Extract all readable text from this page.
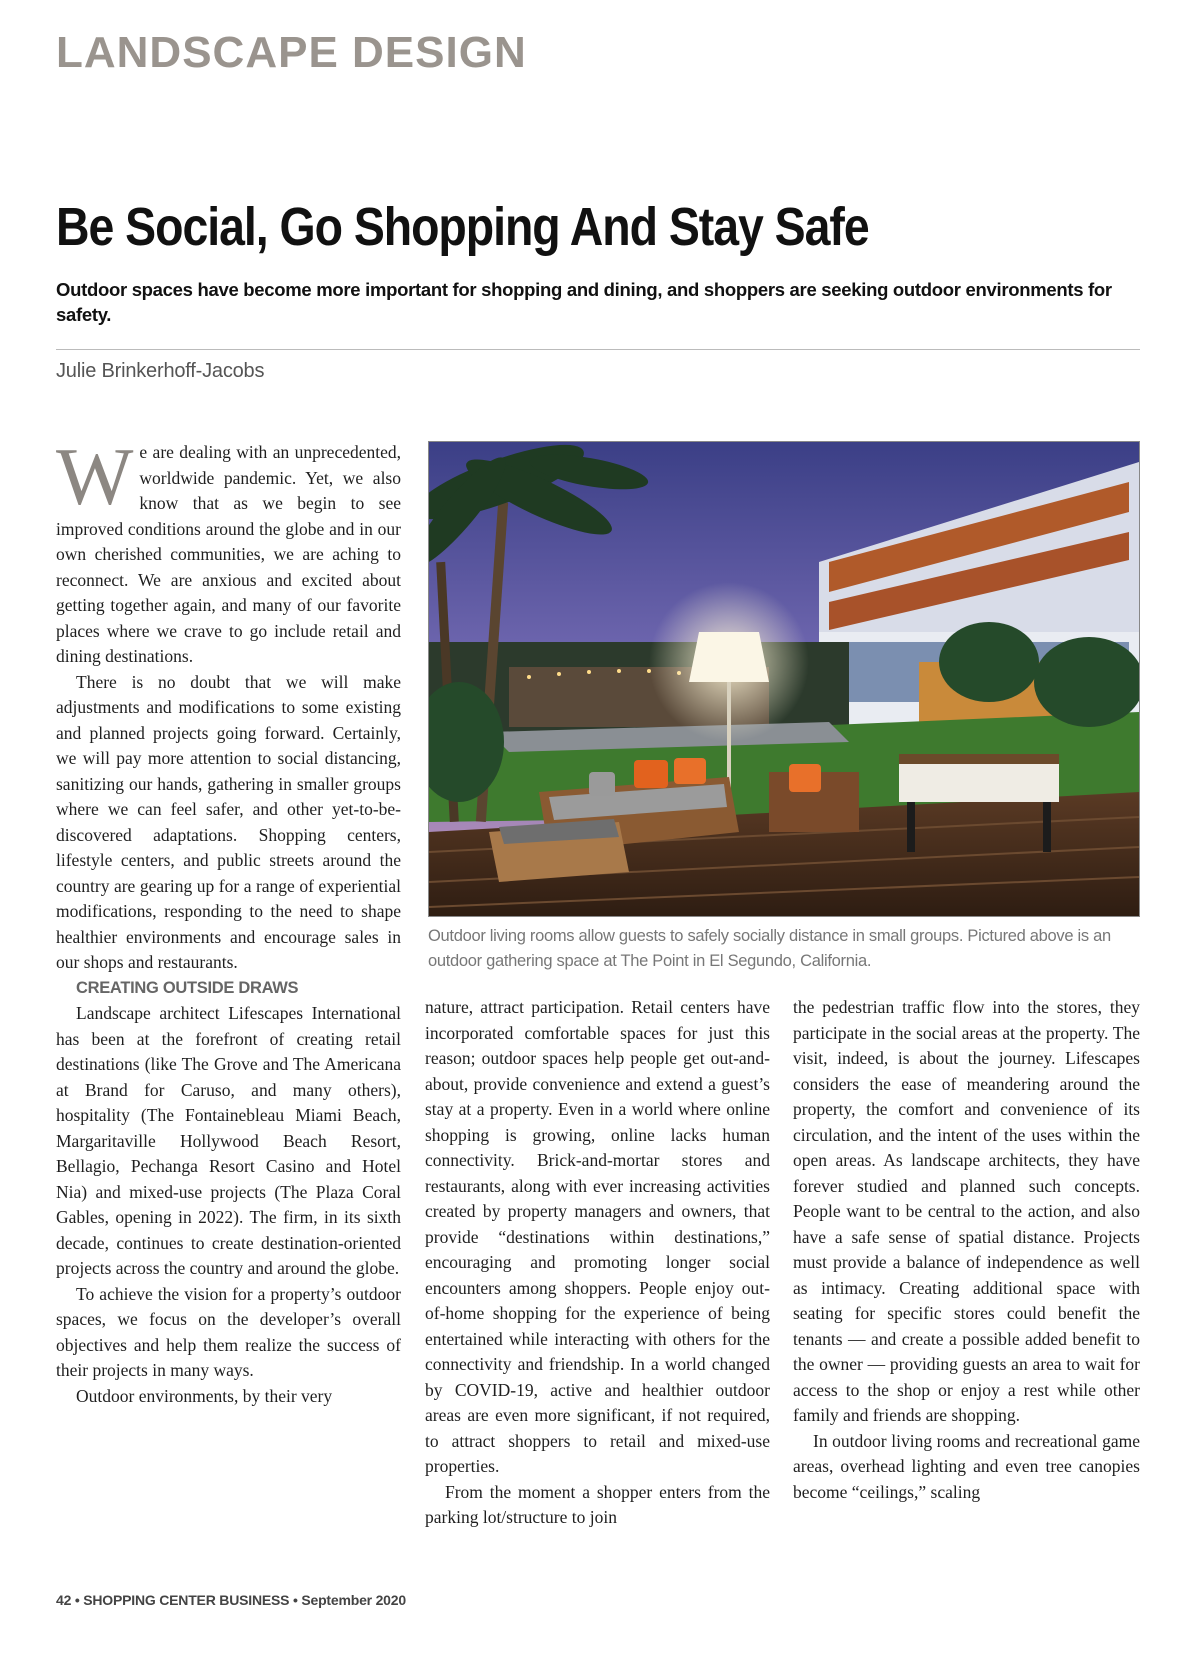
LANDSCAPE DESIGN
Be Social, Go Shopping And Stay Safe
Outdoor spaces have become more important for shopping and dining, and shoppers are seeking outdoor environments for safety.
Julie Brinkerhoff-Jacobs

We are dealing with an unprecedented, worldwide pandemic. Yet, we also know that as we begin to see improved conditions around the globe and in our own cherished communities, we are aching to reconnect. We are anxious and excited about getting together again, and many of our favorite places where we crave to go include retail and dining destinations.

There is no doubt that we will make adjustments and modifications to some existing and planned projects going forward. Certainly, we will pay more attention to social distancing, sanitizing our hands, gathering in smaller groups where we can feel safer, and other yet-to-be-discovered adaptations. Shopping centers, lifestyle centers, and public streets around the country are gearing up for a range of experiential modifications, responding to the need to shape healthier environments and encourage sales in our shops and restaurants.

CREATING OUTSIDE DRAWS

Landscape architect Lifescapes International has been at the forefront of creating retail destinations (like The Grove and The Americana at Brand for Caruso, and many others), hospitality (The Fontainebleau Miami Beach, Margaritaville Hollywood Beach Resort, Bellagio, Pechanga Resort Casino and Hotel Nia) and mixed-use projects (The Plaza Coral Gables, opening in 2022). The firm, in its sixth decade, continues to create destination-oriented projects across the country and around the globe.

To achieve the vision for a property’s outdoor spaces, we focus on the developer’s overall objectives and help them realize the success of their projects in many ways.

Outdoor environments, by their very

Outdoor living rooms allow guests to safely socially distance in small groups. Pictured above is an outdoor gathering space at The Point in El Segundo, California.

nature, attract participation. Retail centers have incorporated comfortable spaces for just this reason; outdoor spaces help people get out-and-about, provide convenience and extend a guest’s stay at a property. Even in a world where online shopping is growing, online lacks human connectivity. Brick-and-mortar stores and restaurants, along with ever increasing activities created by property managers and owners, that provide “destinations within destinations,” encouraging and promoting longer social encounters among shoppers. People enjoy out-of-home shopping for the experience of being entertained while interacting with others for the connectivity and friendship. In a world changed by COVID-19, active and healthier outdoor areas are even more significant, if not required, to attract shoppers to retail and mixed-use properties.

From the moment a shopper enters from the parking lot/structure to join

the pedestrian traffic flow into the stores, they participate in the social areas at the property. The visit, indeed, is about the journey. Lifescapes considers the ease of meandering around the property, the comfort and convenience of its circulation, and the intent of the uses within the open areas. As landscape architects, they have forever studied and planned such concepts. People want to be central to the action, and also have a safe sense of spatial distance. Projects must provide a balance of independence as well as intimacy. Creating additional space with seating for specific stores could benefit the tenants — and create a possible added benefit to the owner — providing guests an area to wait for access to the shop or enjoy a rest while other family and friends are shopping.

In outdoor living rooms and recreational game areas, overhead lighting and even tree canopies become “ceilings,” scaling

42 • SHOPPING CENTER BUSINESS • September 2020
